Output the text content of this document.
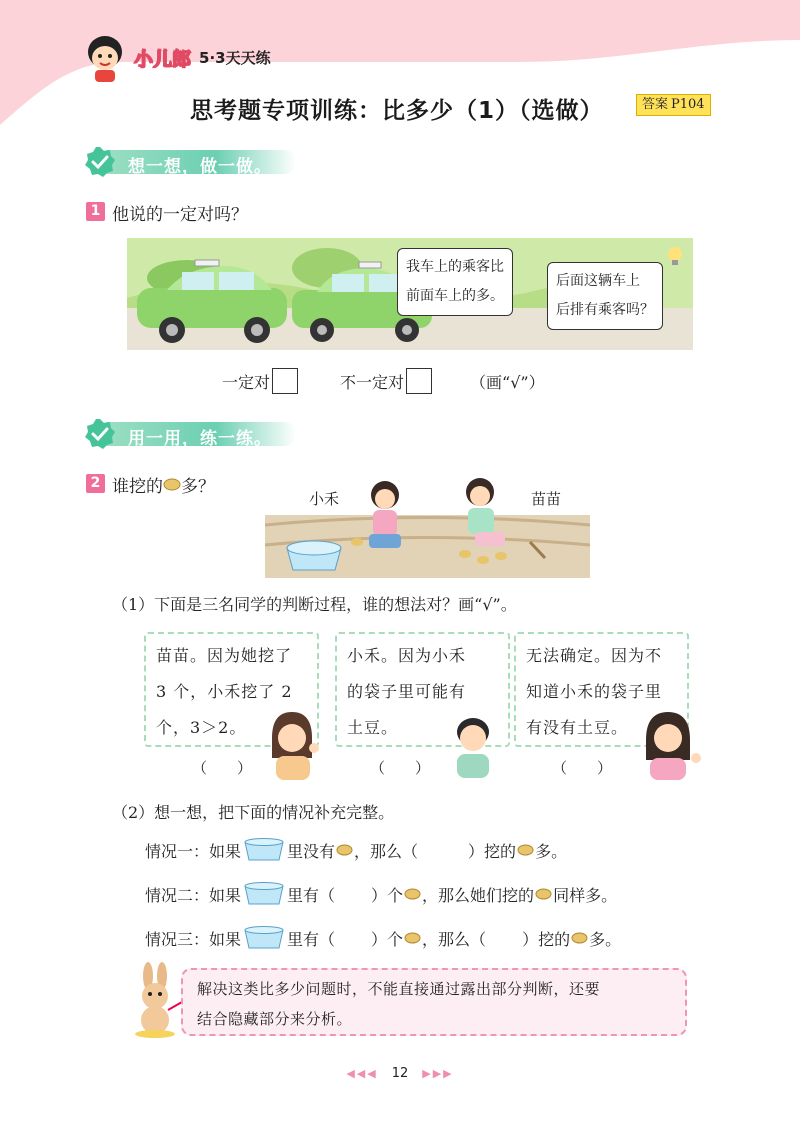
小儿郎 5·3天天练
思考题专项训练：比多少（1）（选做）	答案 P104
想一想，做一做。
1 他说的一定对吗？
我车上的乘客比
前面车上的多。
后面这辆车上
后排有乘客吗？
一定对	不一定对	（画“√”）
用一用，练一练。
2 谁挖的 多？
小禾	苗苗
（1）下面是三名同学的判断过程，谁的想法对？画“√”。
苗苗。因为她挖了
3 个，小禾挖了 2
个，3＞2。
小禾。因为小禾
的袋子里可能有
土豆。
无法确定。因为不
知道小禾的袋子里
有没有土豆。
（　　）	（　　）	（　　）
（2）想一想，把下面的情况补充完整。
情况一：如果	里没有 ，那么（	）挖的 多。
情况二：如果	里有（ ）个 ，那么她们挖的 同样多。
情况三：如果	里有（ ）个 ，那么（ ）挖的 多。
解决这类比多少问题时，不能直接通过露出部分判断，还要
结合隐藏部分来分析。
◀◀◀ 12 ▶▶▶
